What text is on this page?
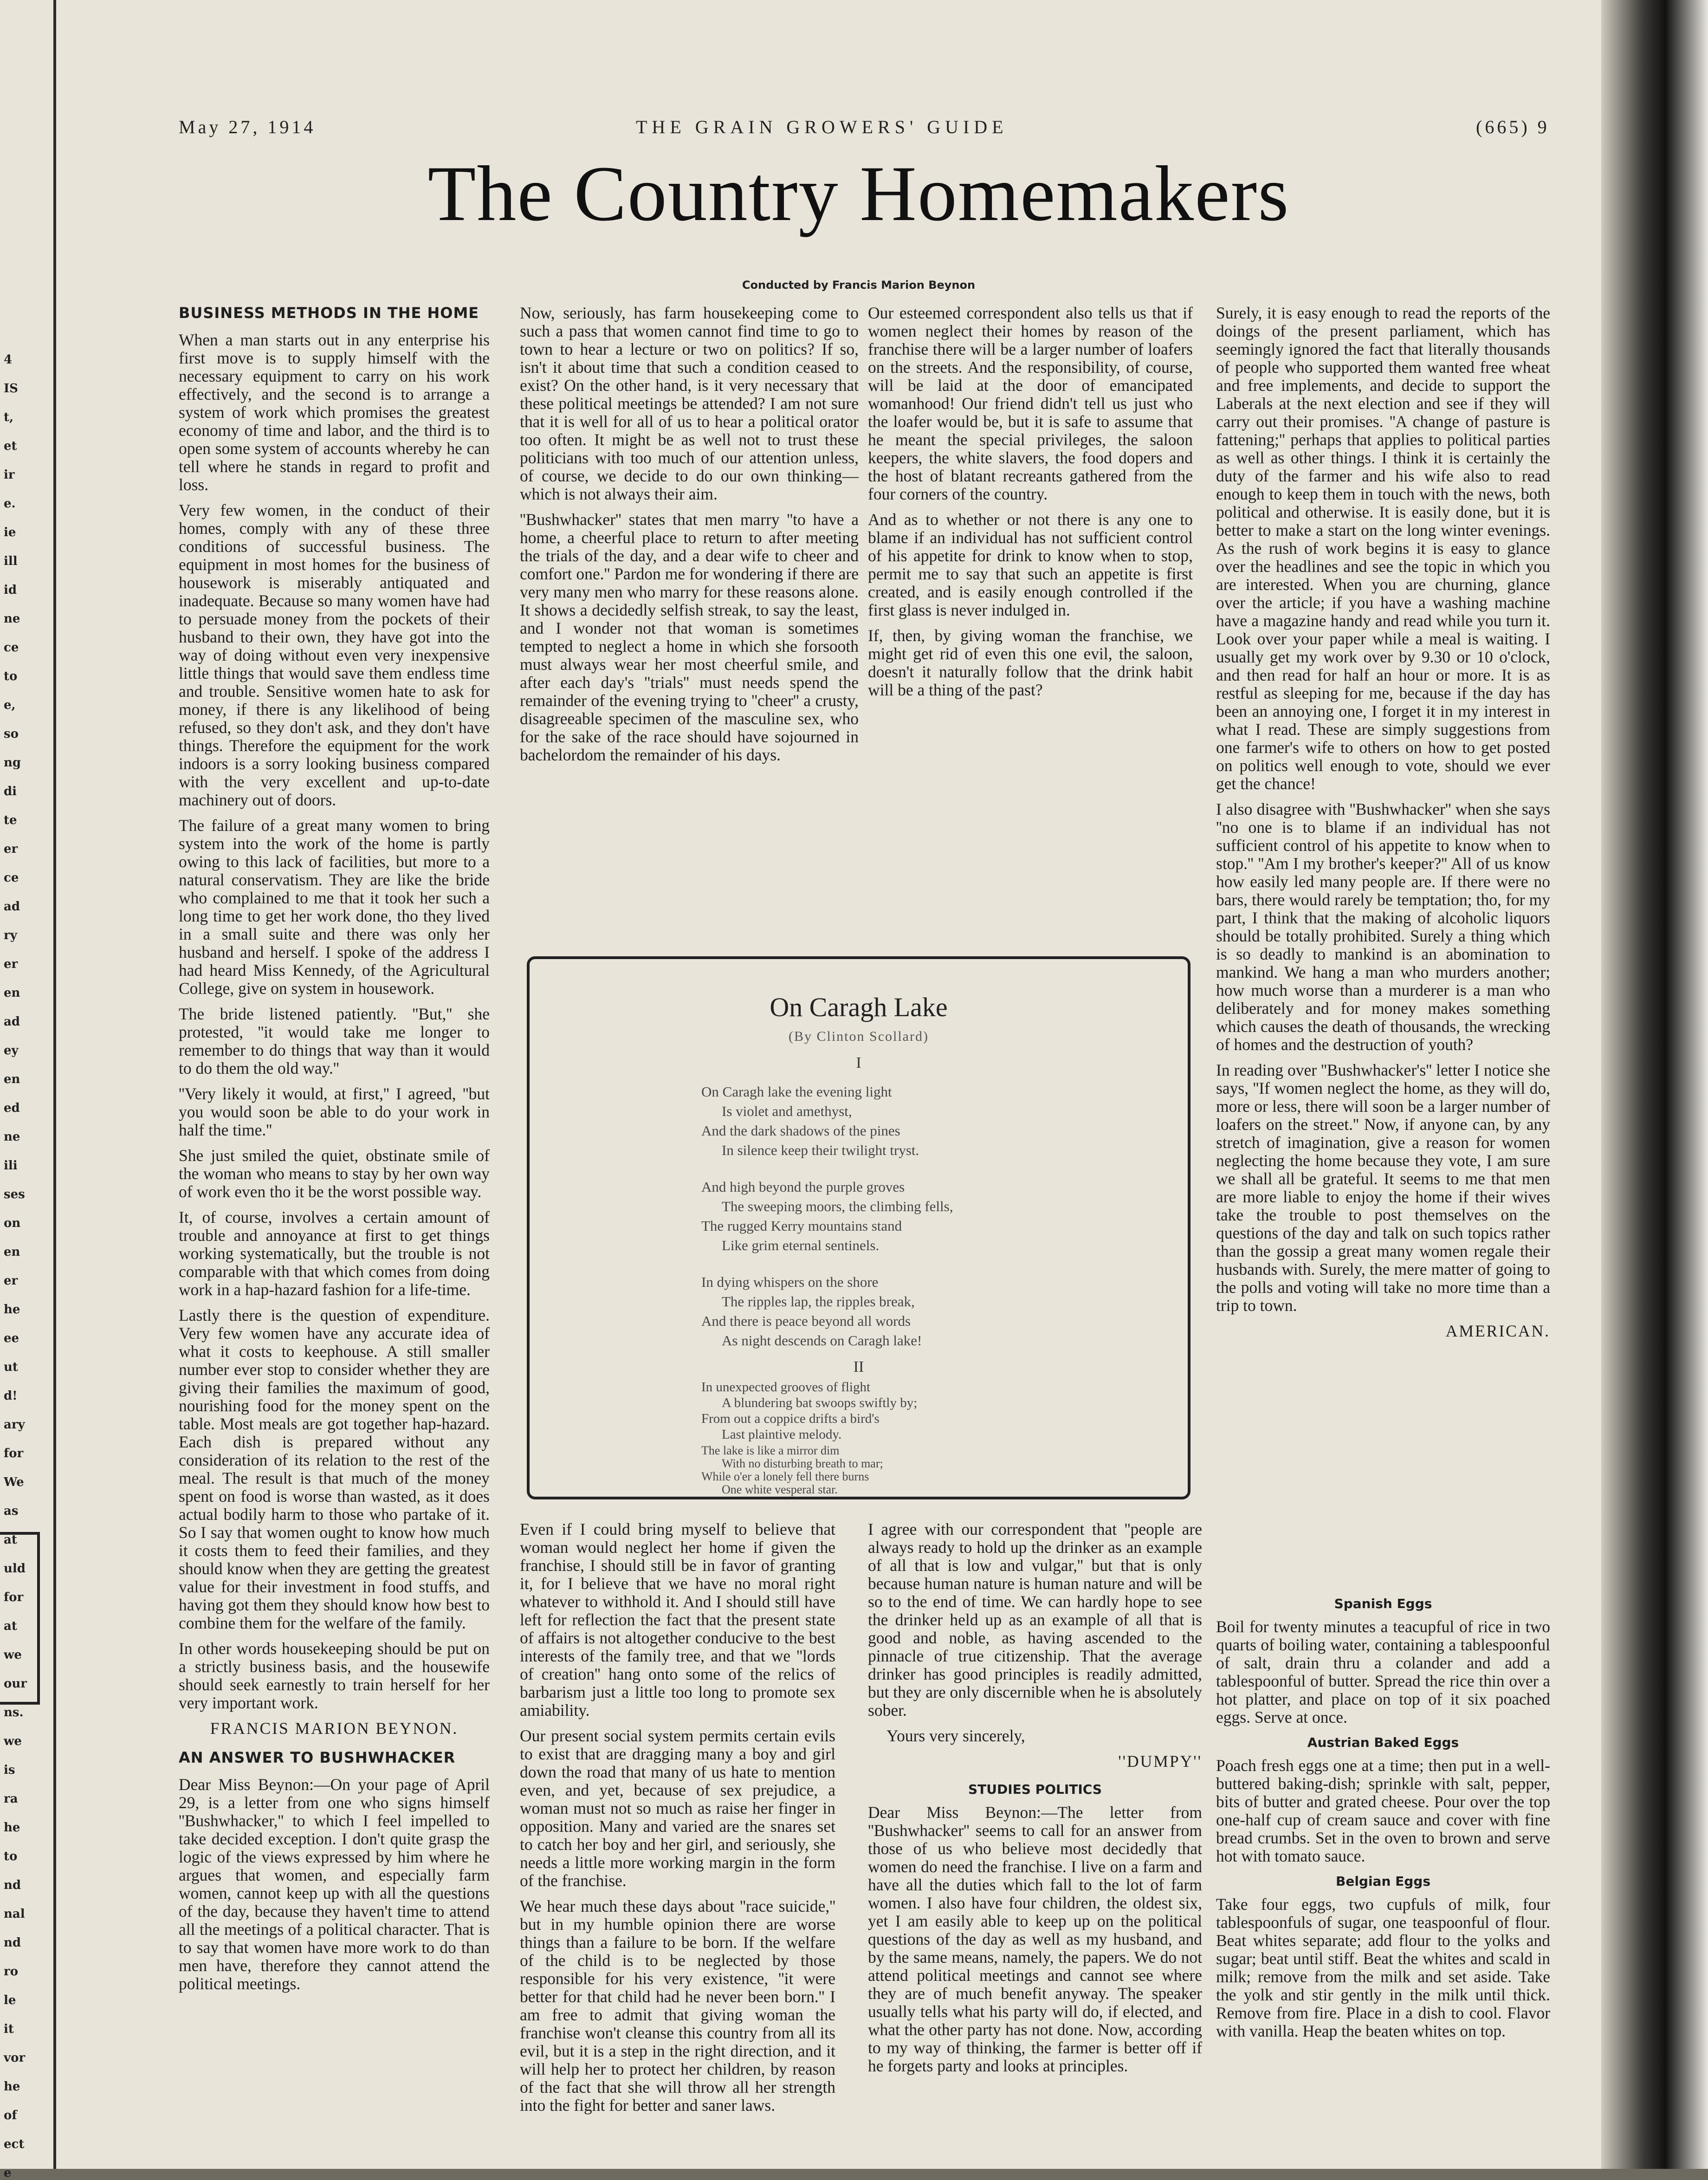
4
IS
t,
et
ir
e.
ie
ill
id
ne
ce
to
e,
so
ng
di
te
er
ce
ad
ry
er
en
ad
ey
en
ed
ne
ili
ses
on
en
er
he
ee
ut
d!
ary
for
We
as
at
uld
for
at
we
our
ns.
we
is
ra
he
to
nd
nal
nd
ro
le
it
vor
he
of
ect
e
May 27, 1914	THE GRAIN GROWERS' GUIDE	(665) 9
The Country Homemakers
Conducted by Francis Marion Beynon
BUSINESS METHODS IN THE HOME

When a man starts out in any enterprise his first move is to supply himself with the necessary equipment to carry on his work effectively, and the second is to arrange a system of work which promises the greatest economy of time and labor, and the third is to open some system of accounts whereby he can tell where he stands in regard to profit and loss.

Very few women, in the conduct of their homes, comply with any of these three conditions of successful business. The equipment in most homes for the business of housework is miserably antiquated and inadequate. Because so many women have had to persuade money from the pockets of their husband to their own, they have got into the way of doing without even very inexpensive little things that would save them endless time and trouble. Sensitive women hate to ask for money, if there is any likelihood of being refused, so they don't ask, and they don't have things. Therefore the equipment for the work indoors is a sorry looking business compared with the very excellent and up-to-date machinery out of doors.

The failure of a great many women to bring system into the work of the home is partly owing to this lack of facilities, but more to a natural conservatism. They are like the bride who complained to me that it took her such a long time to get her work done, tho they lived in a small suite and there was only her husband and herself. I spoke of the address I had heard Miss Kennedy, of the Agricultural College, give on system in housework.

The bride listened patiently. ''But,'' she protested, ''it would take me longer to remember to do things that way than it would to do them the old way.''

''Very likely it would, at first,'' I agreed, ''but you would soon be able to do your work in half the time.''

She just smiled the quiet, obstinate smile of the woman who means to stay by her own way of work even tho it be the worst possible way.

It, of course, involves a certain amount of trouble and annoyance at first to get things working systematically, but the trouble is not comparable with that which comes from doing work in a hap-hazard fashion for a life-time.

Lastly there is the question of expenditure. Very few women have any accurate idea of what it costs to keephouse. A still smaller number ever stop to consider whether they are giving their families the maximum of good, nourishing food for the money spent on the table. Most meals are got together hap-hazard. Each dish is prepared without any consideration of its relation to the rest of the meal. The result is that much of the money spent on food is worse than wasted, as it does actual bodily harm to those who partake of it. So I say that women ought to know how much it costs them to feed their families, and they should know when they are getting the greatest value for their investment in food stuffs, and having got them they should know how best to combine them for the welfare of the family.

In other words housekeeping should be put on a strictly business basis, and the housewife should seek earnestly to train herself for her very important work.

FRANCIS MARION BEYNON.
AN ANSWER TO BUSHWHACKER

Dear Miss Beynon:—On your page of April 29, is a letter from one who signs himself ''Bushwhacker,'' to which I feel impelled to take decided exception. I don't quite grasp the logic of the views expressed by him where he argues that women, and especially farm women, cannot keep up with all the questions of the day, because they haven't time to attend all the meetings of a political character. That is to say that women have more work to do than men have, therefore they cannot attend the political meetings.

Now, seriously, has farm housekeeping come to such a pass that women cannot find time to go to town to hear a lecture or two on politics? If so, isn't it about time that such a condition ceased to exist? On the other hand, is it very necessary that these political meetings be attended? I am not sure that it is well for all of us to hear a political orator too often. It might be as well not to trust these politicians with too much of our attention unless, of course, we decide to do our own thinking—which is not always their aim.

''Bushwhacker'' states that men marry ''to have a home, a cheerful place to return to after meeting the trials of the day, and a dear wife to cheer and comfort one.'' Pardon me for wondering if there are very many men who marry for these reasons alone. It shows a decidedly selfish streak, to say the least, and I wonder not that woman is sometimes tempted to neglect a home in which she forsooth must always wear her most cheerful smile, and after each day's ''trials'' must needs spend the remainder of the evening trying to ''cheer'' a crusty, disagreeable specimen of the masculine sex, who for the sake of the race should have sojourned in bachelordom the remainder of his days.

Our esteemed correspondent also tells us that if women neglect their homes by reason of the franchise there will be a larger number of loafers on the streets. And the responsibility, of course, will be laid at the door of emancipated womanhood! Our friend didn't tell us just who the loafer would be, but it is safe to assume that he meant the special privileges, the saloon keepers, the white slavers, the food dopers and the host of blatant recreants gathered from the four corners of the country.

And as to whether or not there is any one to blame if an individual has not sufficient control of his appetite for drink to know when to stop, permit me to say that such an appetite is first created, and is easily enough controlled if the first glass is never indulged in.

If, then, by giving woman the franchise, we might get rid of even this one evil, the saloon, doesn't it naturally follow that the drink habit will be a thing of the past?

Surely, it is easy enough to read the reports of the doings of the present parliament, which has seemingly ignored the fact that literally thousands of people who supported them wanted free wheat and free implements, and decide to support the Laberals at the next election and see if they will carry out their promises. ''A change of pasture is fattening;'' perhaps that applies to political parties as well as other things. I think it is certainly the duty of the farmer and his wife also to read enough to keep them in touch with the news, both political and otherwise. It is easily done, but it is better to make a start on the long winter evenings. As the rush of work begins it is easy to glance over the headlines and see the topic in which you are interested. When you are churning, glance over the article; if you have a washing machine have a magazine handy and read while you turn it. Look over your paper while a meal is waiting. I usually get my work over by 9.30 or 10 o'clock, and then read for half an hour or more. It is as restful as sleeping for me, because if the day has been an annoying one, I forget it in my interest in what I read. These are simply suggestions from one farmer's wife to others on how to get posted on politics well enough to vote, should we ever get the chance!

I also disagree with ''Bushwhacker'' when she says ''no one is to blame if an individual has not sufficient control of his appetite to know when to stop.'' ''Am I my brother's keeper?'' All of us know how easily led many people are. If there were no bars, there would rarely be temptation; tho, for my part, I think that the making of alcoholic liquors should be totally prohibited. Surely a thing which is so deadly to mankind is an abomination to mankind. We hang a man who murders another; how much worse than a murderer is a man who deliberately and for money makes something which causes the death of thousands, the wrecking of homes and the destruction of youth?

In reading over ''Bushwhacker's'' letter I notice she says, ''If women neglect the home, as they will do, more or less, there will soon be a larger number of loafers on the street.'' Now, if anyone can, by any stretch of imagination, give a reason for women neglecting the home because they vote, I am sure we shall all be grateful. It seems to me that men are more liable to enjoy the home if their wives take the trouble to post themselves on the questions of the day and talk on such topics rather than the gossip a great many women regale their husbands with. Surely, the mere matter of going to the polls and voting will take no more time than a trip to town.

AMERICAN.
On Caragh Lake
(By Clinton Scollard)
I
On Caragh lake the evening light
Is violet and amethyst,
And the dark shadows of the pines
In silence keep their twilight tryst.
And high beyond the purple groves
The sweeping moors, the climbing fells,
The rugged Kerry mountains stand
Like grim eternal sentinels.
In dying whispers on the shore
The ripples lap, the ripples break,
And there is peace beyond all words
As night descends on Caragh lake!
II
In unexpected grooves of flight
A blundering bat swoops swiftly by;
From out a coppice drifts a bird's
Last plaintive melody.
The lake is like a mirror dim
With no disturbing breath to mar;
While o'er a lonely fell there burns
One white vesperal star.

Even if I could bring myself to believe that woman would neglect her home if given the franchise, I should still be in favor of granting it, for I believe that we have no moral right whatever to withhold it. And I should still have left for reflection the fact that the present state of affairs is not altogether conducive to the best interests of the family tree, and that we ''lords of creation'' hang onto some of the relics of barbarism just a little too long to promote sex amiability.

Our present social system permits certain evils to exist that are dragging many a boy and girl down the road that many of us hate to mention even, and yet, because of sex prejudice, a woman must not so much as raise her finger in opposition. Many and varied are the snares set to catch her boy and her girl, and seriously, she needs a little more working margin in the form of the franchise.

We hear much these days about ''race suicide,'' but in my humble opinion there are worse things than a failure to be born. If the welfare of the child is to be neglected by those responsible for his very existence, ''it were better for that child had he never been born.'' I am free to admit that giving woman the franchise won't cleanse this country from all its evil, but it is a step in the right direction, and it will help her to protect her children, by reason of the fact that she will throw all her strength into the fight for better and saner laws.

I agree with our correspondent that ''people are always ready to hold up the drinker as an example of all that is low and vulgar,'' but that is only because human nature is human nature and will be so to the end of time. We can hardly hope to see the drinker held up as an example of all that is good and noble, as having ascended to the pinnacle of true citizenship. That the average drinker has good principles is readily admitted, but they are only discernible when he is absolutely sober.

Yours very sincerely,

''DUMPY''
STUDIES POLITICS

Dear Miss Beynon:—The letter from ''Bushwhacker'' seems to call for an answer from those of us who believe most decidedly that women do need the franchise. I live on a farm and have all the duties which fall to the lot of farm women. I also have four children, the oldest six, yet I am easily able to keep up on the political questions of the day as well as my husband, and by the same means, namely, the papers. We do not attend political meetings and cannot see where they are of much benefit anyway. The speaker usually tells what his party will do, if elected, and what the other party has not done. Now, according to my way of thinking, the farmer is better off if he forgets party and looks at principles.

Spanish Eggs

Boil for twenty minutes a teacupful of rice in two quarts of boiling water, containing a tablespoonful of salt, drain thru a colander and add a tablespoonful of butter. Spread the rice thin over a hot platter, and place on top of it six poached eggs. Serve at once.

Austrian Baked Eggs

Poach fresh eggs one at a time; then put in a well-buttered baking-dish; sprinkle with salt, pepper, bits of butter and grated cheese. Pour over the top one-half cup of cream sauce and cover with fine bread crumbs. Set in the oven to brown and serve hot with tomato sauce.

Belgian Eggs

Take four eggs, two cupfuls of milk, four tablespoonfuls of sugar, one teaspoonful of flour. Beat whites separate; add flour to the yolks and sugar; beat until stiff. Beat the whites and scald in milk; remove from the milk and set aside. Take the yolk and stir gently in the milk until thick. Remove from fire. Place in a dish to cool. Flavor with vanilla. Heap the beaten whites on top.
